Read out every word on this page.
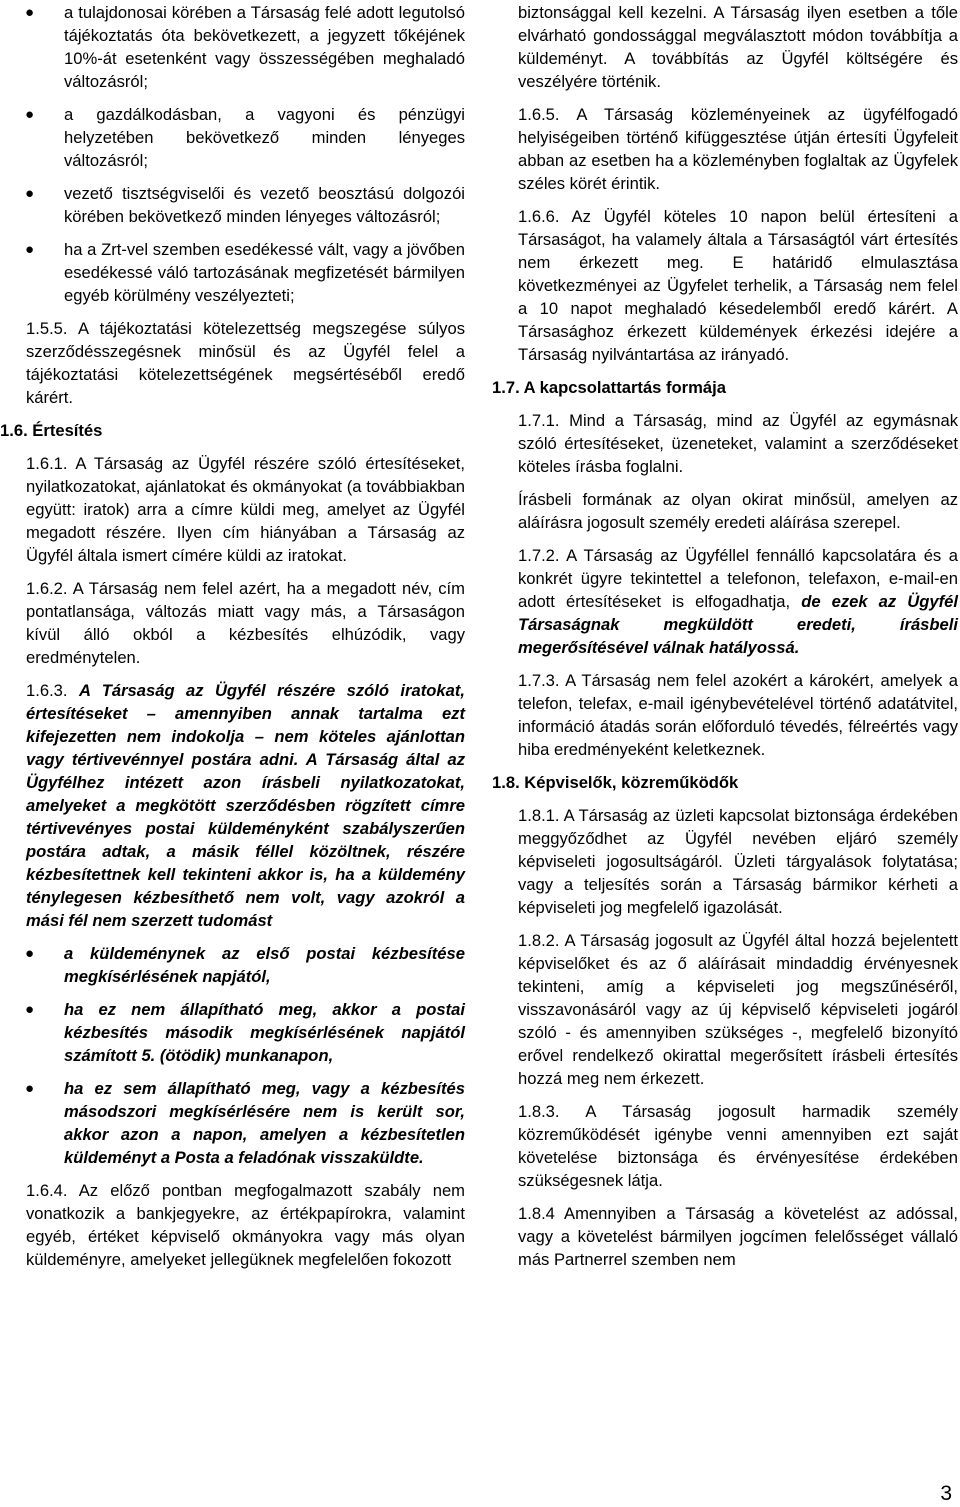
● a tulajdonosai körében a Társaság felé adott legutolsó tájékoztatás óta bekövetkezett, a jegyzett tőkéjének 10%-át esetenként vagy összességében meghaladó változásról;
● a gazdálkodásban, a vagyoni és pénzügyi helyzetében bekövetkező minden lényeges változásról;
● vezető tisztségviselői és vezető beosztású dolgozói körében bekövetkező minden lényeges változásról;
● ha a Zrt-vel szemben esedékessé vált, vagy a jövőben esedékessé váló tartozásának megfizetését bármilyen egyéb körülmény veszélyezteti;

1.5.5. A tájékoztatási kötelezettség megszegése súlyos szerződésszegésnek minősül és az Ügyfél felel a tájékoztatási kötelezettségének megsértéséből eredő kárért.

1.6. Értesítés

1.6.1. A Társaság az Ügyfél részére szóló értesítéseket, nyilatkozatokat, ajánlatokat és okmányokat (a továbbiakban együtt: iratok) arra a címre küldi meg, amelyet az Ügyfél megadott részére. Ilyen cím hiányában a Társaság az Ügyfél általa ismert címére küldi az iratokat.

1.6.2. A Társaság nem felel azért, ha a megadott név, cím pontatlansága, változás miatt vagy más, a Társaságon kívül álló okból a kézbesítés elhúzódik, vagy eredménytelen.

1.6.3. A Társaság az Ügyfél részére szóló iratokat, értesítéseket – amennyiben annak tartalma ezt kifejezetten nem indokolja – nem köteles ajánlottan vagy tértivevénnyel postára adni. A Társaság által az Ügyfélhez intézett azon írásbeli nyilatkozatokat, amelyeket a megkötött szerződésben rögzített címre tértivevényes postai küldeményként szabályszerűen postára adtak, a másik féllel közöltnek, részére kézbesítettnek kell tekinteni akkor is, ha a küldemény ténylegesen kézbesíthető nem volt, vagy azokról a mási fél nem szerzett tudomást

● a küldeménynek az első postai kézbesítése megkísérlésének napjától,
● ha ez nem állapítható meg, akkor a postai kézbesítés második megkísérlésének napjától számított 5. (ötödik) munkanapon,
● ha ez sem állapítható meg, vagy a kézbesítés másodszori megkísérlésére nem is került sor, akkor azon a napon, amelyen a kézbesítetlen küldeményt a Posta a feladónak visszaküldte.

1.6.4. Az előző pontban megfogalmazott szabály nem vonatkozik a bankjegyekre, az értékpapírokra, valamint egyéb, értéket képviselő okmányokra vagy más olyan küldeményre, amelyeket jellegüknek megfelelően fokozott

biztonsággal kell kezelni. A Társaság ilyen esetben a tőle elvárható gondossággal megválasztott módon továbbítja a küldeményt. A továbbítás az Ügyfél költségére és veszélyére történik.

1.6.5. A Társaság közleményeinek az ügyfélfogadó helyiségeiben történő kifüggesztése útján értesíti Ügyfeleit abban az esetben ha a közleményben foglaltak az Ügyfelek széles körét érintik.

1.6.6. Az Ügyfél köteles 10 napon belül értesíteni a Társaságot, ha valamely általa a Társaságtól várt értesítés nem érkezett meg. E határidő elmulasztása következményei az Ügyfelet terhelik, a Társaság nem felel a 10 napot meghaladó késedelemből eredő kárért. A Társasághoz érkezett küldemények érkezési idejére a Társaság nyilvántartása az irányadó.

1.7. A kapcsolattartás formája

1.7.1. Mind a Társaság, mind az Ügyfél az egymásnak szóló értesítéseket, üzeneteket, valamint a szerződéseket köteles írásba foglalni.

Írásbeli formának az olyan okirat minősül, amelyen az aláírásra jogosult személy eredeti aláírása szerepel.

1.7.2. A Társaság az Ügyféllel fennálló kapcsolatára és a konkrét ügyre tekintettel a telefonon, telefaxon, e-mail-en adott értesítéseket is elfogadhatja, de ezek az Ügyfél Társaságnak megküldött eredeti, írásbeli megerősítésével válnak hatályossá.

1.7.3. A Társaság nem felel azokért a károkért, amelyek a telefon, telefax, e-mail igénybevételével történő adatátvitel, információ átadás során előforduló tévedés, félreértés vagy hiba eredményeként keletkeznek.

1.8. Képviselők, közreműködők

1.8.1. A Társaság az üzleti kapcsolat biztonsága érdekében meggyőződhet az Ügyfél nevében eljáró személy képviseleti jogosultságáról. Üzleti tárgyalások folytatása; vagy a teljesítés során a Társaság bármikor kérheti a képviseleti jog megfelelő igazolását.

1.8.2. A Társaság jogosult az Ügyfél által hozzá bejelentett képviselőket és az ő aláírásait mindaddig érvényesnek tekinteni, amíg a képviseleti jog megszűnéséről, visszavonásáról vagy az új képviselő képviseleti jogáról szóló - és amennyiben szükséges -, megfelelő bizonyító erővel rendelkező okirattal megerősített írásbeli értesítés hozzá meg nem érkezett.

1.8.3. A Társaság jogosult harmadik személy közreműködését igénybe venni amennyiben ezt saját követelése biztonsága és érvényesítése érdekében szükségesnek látja.

1.8.4 Amennyiben a Társaság a követelést az adóssal, vagy a követelést bármilyen jogcímen felelősséget vállaló más Partnerrel szemben nem

3
